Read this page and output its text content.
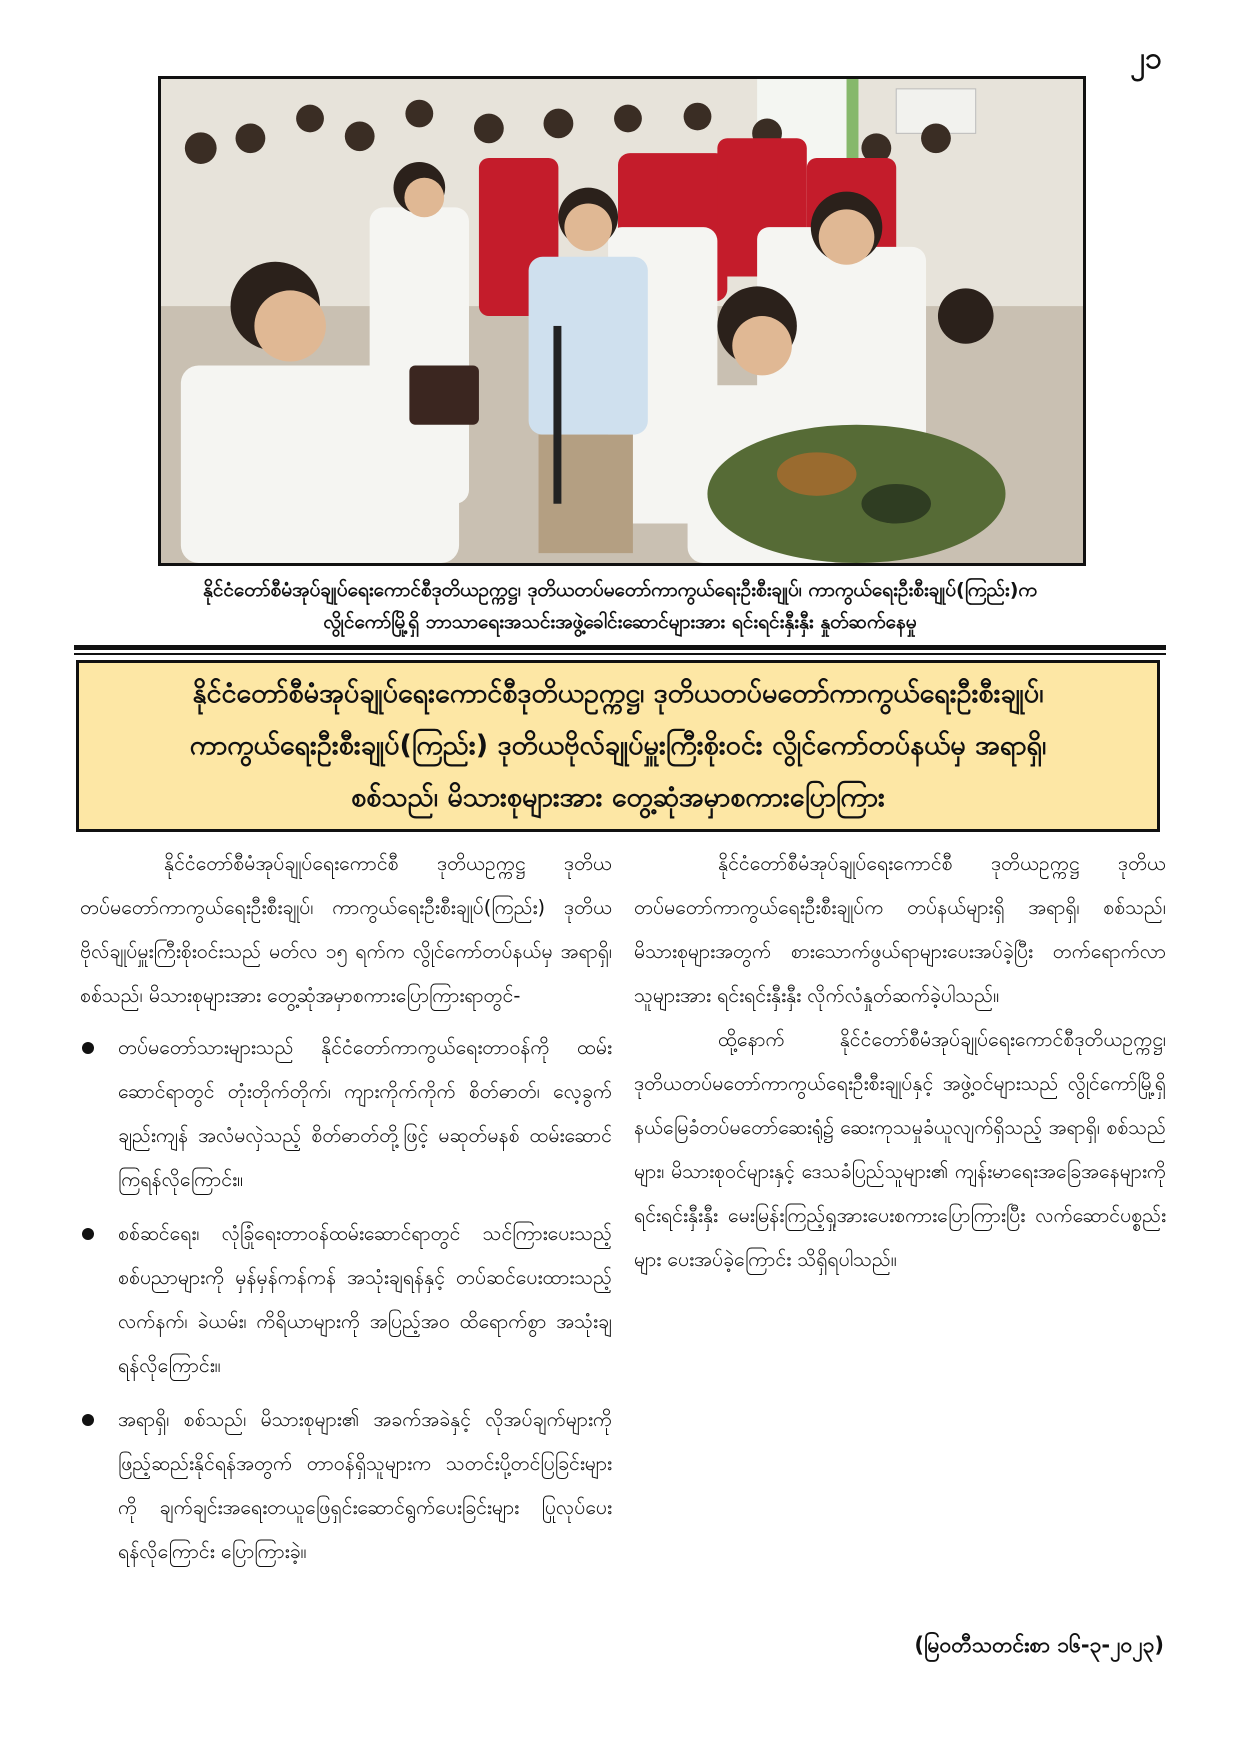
၂၁
နိုင်ငံတော်စီမံအုပ်ချုပ်ရေးကောင်စီဒုတိယဥက္ကဋ္ဌ၊ ဒုတိယတပ်မတော်ကာကွယ်ရေးဦးစီးချုပ်၊ ကာကွယ်ရေးဦးစီးချုပ်(ကြည်း)က
လွိုင်ကော်မြို့ရှိ ဘာသာရေးအသင်းအဖွဲ့ခေါင်းဆောင်များအား ရင်းရင်းနှီးနှီး နှုတ်ဆက်နေမှု
နိုင်ငံတော်စီမံအုပ်ချုပ်ရေးကောင်စီဒုတိယဥက္ကဋ္ဌ၊ ဒုတိယတပ်မတော်ကာကွယ်ရေးဦးစီးချုပ်၊
ကာကွယ်ရေးဦးစီးချုပ်(ကြည်း) ဒုတိယဗိုလ်ချုပ်မှူးကြီးစိုးဝင်း လွိုင်ကော်တပ်နယ်မှ အရာရှိ၊
စစ်သည်၊ မိသားစုများအား တွေ့ဆုံအမှာစကားပြောကြား

နိုင်ငံတော်စီမံအုပ်ချုပ်ရေးကောင်စီ ဒုတိယဥက္ကဋ္ဌ ဒုတိယတပ်မတော်ကာကွယ်ရေးဦးစီးချုပ်၊ ကာကွယ်ရေးဦးစီးချုပ်(ကြည်း) ဒုတိယဗိုလ်ချုပ်မှူးကြီးစိုးဝင်းသည် မတ်လ ၁၅ ရက်က လွိုင်ကော်တပ်နယ်မှ အရာရှိ၊ စစ်သည်၊ မိသားစုများအား တွေ့ဆုံအမှာစကားပြောကြားရာတွင်-

တပ်မတော်သားများသည် နိုင်ငံတော်ကာကွယ်ရေးတာဝန်ကို ထမ်းဆောင်ရာတွင် တုံးတိုက်တိုက်၊ ကျားကိုက်ကိုက် စိတ်ဓာတ်၊ လေ့ခွက်ချည်းကျန် အလံမလှဲသည့် စိတ်ဓာတ်တို့ဖြင့် မဆုတ်မနစ် ထမ်းဆောင်ကြရန်လိုကြောင်း။
စစ်ဆင်ရေး၊ လုံခြုံရေးတာဝန်ထမ်းဆောင်ရာတွင် သင်ကြားပေးသည့် စစ်ပညာများကို မှန်မှန်ကန်ကန် အသုံးချရန်နှင့် တပ်ဆင်ပေးထားသည့် လက်နက်၊ ခဲယမ်း၊ ကိရိယာများကို အပြည့်အဝ ထိရောက်စွာ အသုံးချရန်လိုကြောင်း။
အရာရှိ၊ စစ်သည်၊ မိသားစုများ၏ အခက်အခဲနှင့် လိုအပ်ချက်များကို ဖြည့်ဆည်းနိုင်ရန်အတွက် တာဝန်ရှိသူများက သတင်းပို့တင်ပြခြင်းများကို ချက်ချင်းအရေးတယူဖြေရှင်းဆောင်ရွက်ပေးခြင်းများ ပြုလုပ်ပေးရန်လိုကြောင်း ပြောကြားခဲ့။

နိုင်ငံတော်စီမံအုပ်ချုပ်ရေးကောင်စီ ဒုတိယဥက္ကဋ္ဌ ဒုတိယတပ်မတော်ကာကွယ်ရေးဦးစီးချုပ်က တပ်နယ်များရှိ အရာရှိ၊ စစ်သည်၊ မိသားစုများအတွက် စားသောက်ဖွယ်ရာများပေးအပ်ခဲ့ပြီး တက်ရောက်လာသူများအား ရင်းရင်းနှီးနှီး လိုက်လံနှုတ်ဆက်ခဲ့ပါသည်။

ထို့နောက် နိုင်ငံတော်စီမံအုပ်ချုပ်ရေးကောင်စီဒုတိယဥက္ကဋ္ဌ၊ ဒုတိယတပ်မတော်ကာကွယ်ရေးဦးစီးချုပ်နှင့် အဖွဲ့ဝင်များသည် လွိုင်ကော်မြို့ရှိ နယ်မြေခံတပ်မတော်ဆေးရုံ၌ ဆေးကုသမှုခံယူလျက်ရှိသည့် အရာရှိ၊ စစ်သည်များ၊ မိသားစုဝင်များနှင့် ဒေသခံပြည်သူများ၏ ကျန်းမာရေးအခြေအနေများကို ရင်းရင်းနှီးနှီး မေးမြန်းကြည့်ရှုအားပေးစကားပြောကြားပြီး လက်ဆောင်ပစ္စည်းများ ပေးအပ်ခဲ့ကြောင်း သိရှိရပါသည်။

(မြဝတီသတင်းစာ ၁၆-၃-၂၀၂၃)
